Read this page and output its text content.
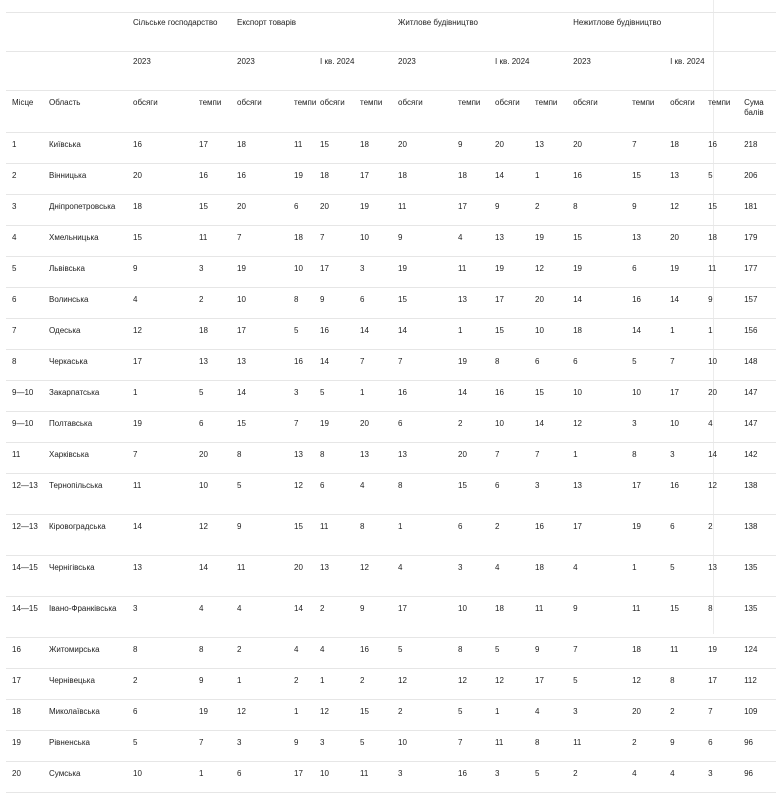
		Сільське господарство		Експорт товарів				Житлове будівництво				Нежитлове будівництво				
		2023		2023		І кв. 2024		2023		І кв. 2024		2023		І кв. 2024		
Місце	Область	обсяги	темпи	обсяги	темпи	обсяги	темпи	обсяги	темпи	обсяги	темпи	обсяги	темпи	обсяги	темпи	Сума балів
1	Київська	16	17	18	11	15	18	20	9	20	13	20	7	18	16	218
2	Вінницька	20	16	16	19	18	17	18	18	14	1	16	15	13	5	206
3	Дніпропетровська	18	15	20	6	20	19	11	17	9	2	8	9	12	15	181
4	Хмельницька	15	11	7	18	7	10	9	4	13	19	15	13	20	18	179
5	Львівська	9	3	19	10	17	3	19	11	19	12	19	6	19	11	177
6	Волинська	4	2	10	8	9	6	15	13	17	20	14	16	14	9	157
7	Одеська	12	18	17	5	16	14	14	1	15	10	18	14	1	1	156
8	Черкаська	17	13	13	16	14	7	7	19	8	6	6	5	7	10	148
9—10	Закарпатська	1	5	14	3	5	1	16	14	16	15	10	10	17	20	147
9—10	Полтавська	19	6	15	7	19	20	6	2	10	14	12	3	10	4	147
11	Харківська	7	20	8	13	8	13	13	20	7	7	1	8	3	14	142
12—13	Тернопільська	11	10	5	12	6	4	8	15	6	3	13	17	16	12	138
12—13	Кіровоградська	14	12	9	15	11	8	1	6	2	16	17	19	6	2	138
14—15	Чернігівська	13	14	11	20	13	12	4	3	4	18	4	1	5	13	135
14—15	Івано-Франківська	3	4	4	14	2	9	17	10	18	11	9	11	15	8	135
16	Житомирська	8	8	2	4	4	16	5	8	5	9	7	18	11	19	124
17	Чернівецька	2	9	1	2	1	2	12	12	12	17	5	12	8	17	112
18	Миколаївська	6	19	12	1	12	15	2	5	1	4	3	20	2	7	109
19	Рівненська	5	7	3	9	3	5	10	7	11	8	11	2	9	6	96
20	Сумська	10	1	6	17	10	11	3	16	3	5	2	4	4	3	96
